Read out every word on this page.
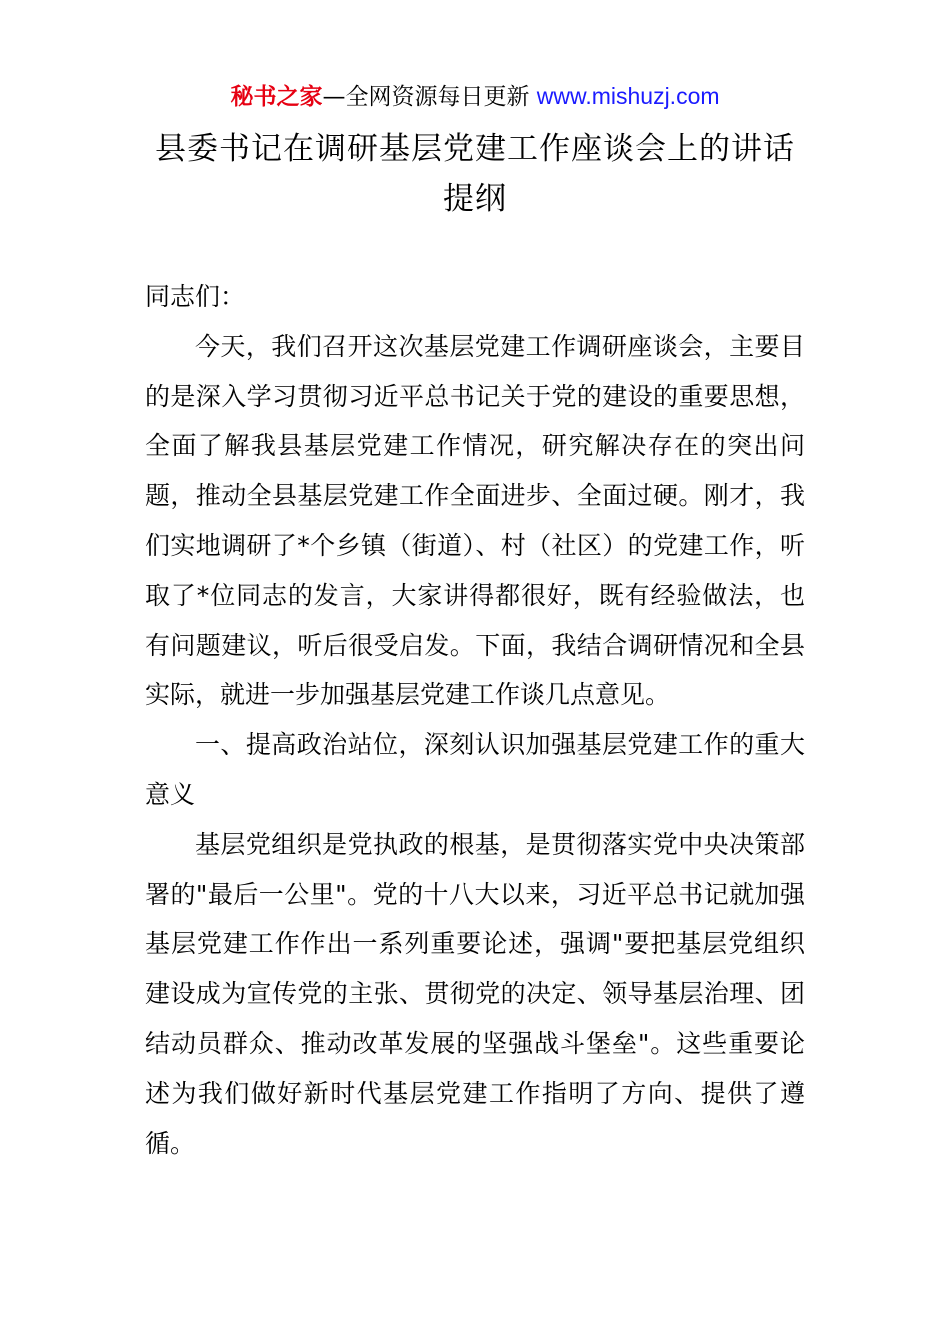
秘书之家—全网资源每日更新 www.mishuzj.com
县委书记在调研基层党建工作座谈会上的讲话提纲

同志们：

今天，我们召开这次基层党建工作调研座谈会，主要目的是深入学习贯彻习近平总书记关于党的建设的重要思想，全面了解我县基层党建工作情况，研究解决存在的突出问题，推动全县基层党建工作全面进步、全面过硬。刚才，我们实地调研了*个乡镇（街道）、村（社区）的党建工作，听取了*位同志的发言，大家讲得都很好，既有经验做法，也有问题建议，听后很受启发。下面，我结合调研情况和全县实际，就进一步加强基层党建工作谈几点意见。

一、提高政治站位，深刻认识加强基层党建工作的重大意义

基层党组织是党执政的根基，是贯彻落实党中央决策部署的"最后一公里"。党的十八大以来，习近平总书记就加强基层党建工作作出一系列重要论述，强调"要把基层党组织建设成为宣传党的主张、贯彻党的决定、领导基层治理、团结动员群众、推动改革发展的坚强战斗堡垒"。这些重要论述为我们做好新时代基层党建工作指明了方向、提供了遵循。
